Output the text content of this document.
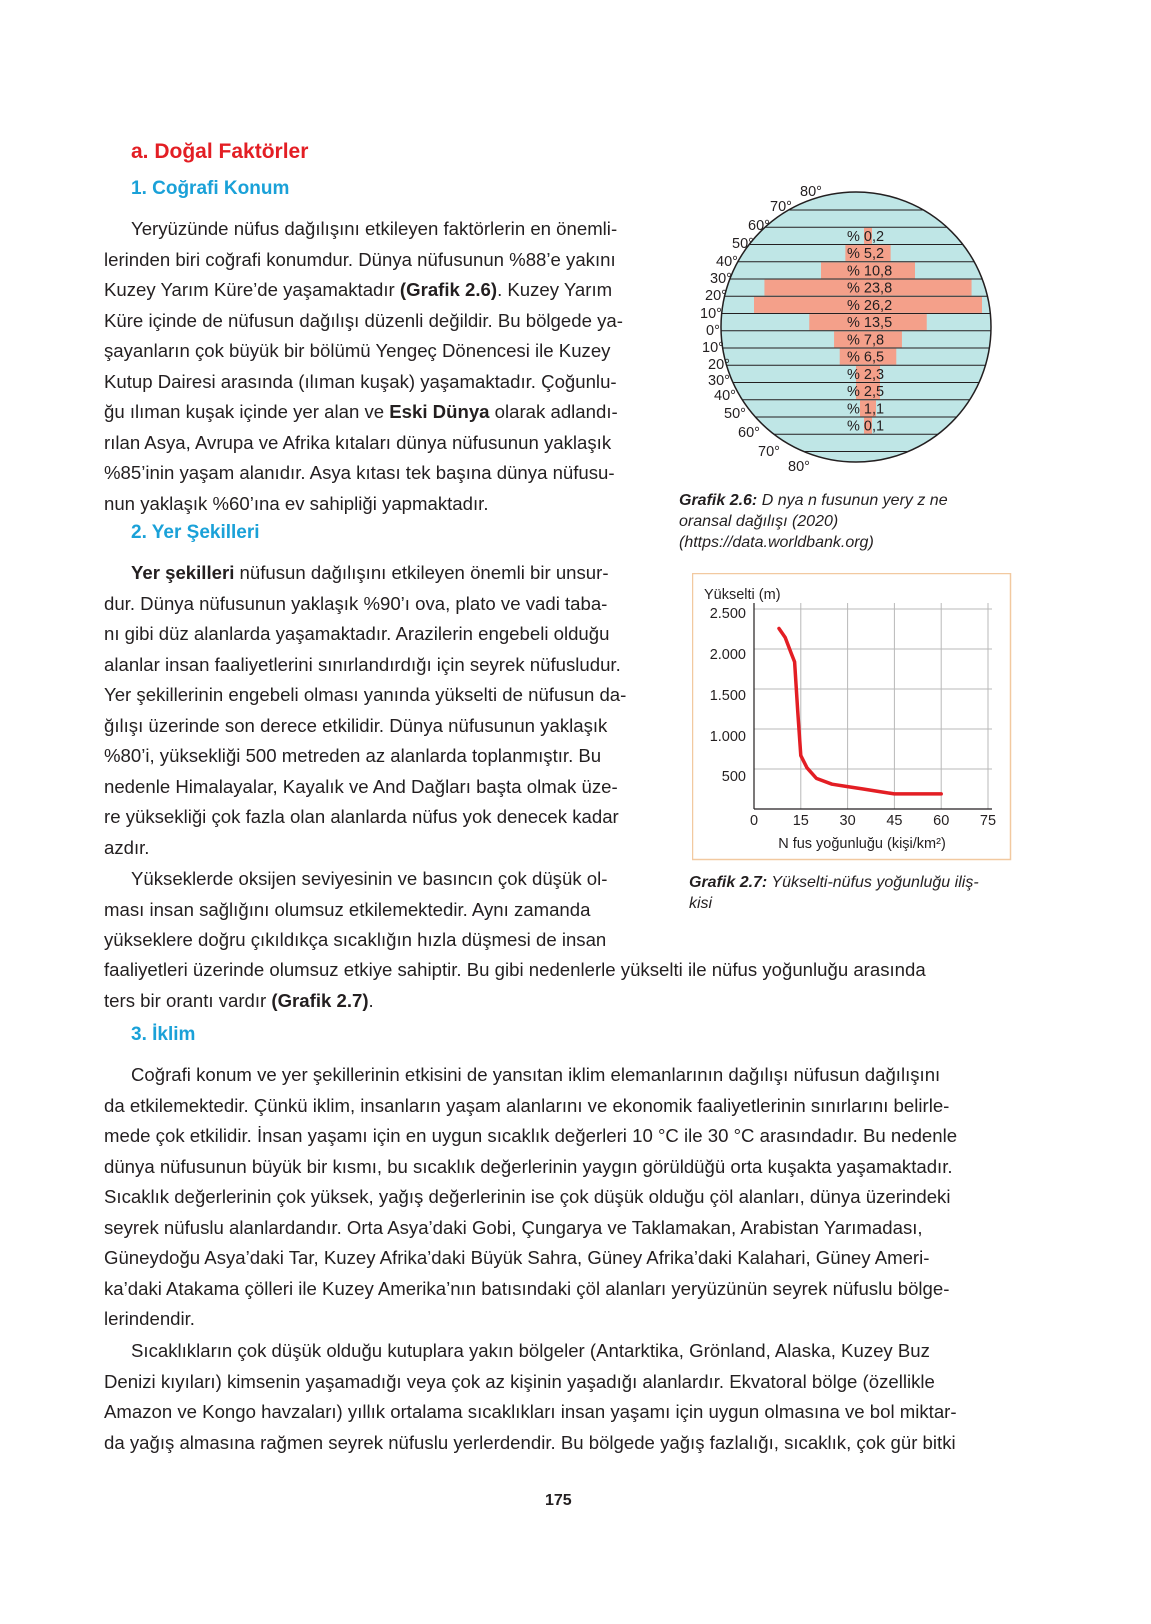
a. Doğal Faktörler
1. Coğrafi Konum
Yeryüzünde nüfus dağılışını etkileyen faktörlerin en önemli-
lerinden biri coğrafi konumdur. Dünya nüfusunun %88’e yakını
Kuzey Yarım Küre’de yaşamaktadır (Grafik 2.6). Kuzey Yarım
Küre içinde de nüfusun dağılışı düzenli değildir. Bu bölgede ya-
şayanların çok büyük bir bölümü Yengeç Dönencesi ile Kuzey
Kutup Dairesi arasında (ılıman kuşak) yaşamaktadır. Çoğunlu-
ğu ılıman kuşak içinde yer alan ve Eski Dünya olarak adlandı-
rılan Asya, Avrupa ve Afrika kıtaları dünya nüfusunun yaklaşık
%85’inin yaşam alanıdır. Asya kıtası tek başına dünya nüfusu-
nun yaklaşık %60’ına ev sahipliği yapmaktadır.
2. Yer Şekilleri
Yer şekilleri nüfusun dağılışını etkileyen önemli bir unsur-
dur. Dünya nüfusunun yaklaşık %90’ı ova, plato ve vadi taba-
nı gibi düz alanlarda yaşamaktadır. Arazilerin engebeli olduğu
alanlar insan faaliyetlerini sınırlandırdığı için seyrek nüfusludur.
Yer şekillerinin engebeli olması yanında yükselti de nüfusun da-
ğılışı üzerinde son derece etkilidir. Dünya nüfusunun yaklaşık
%80’i, yüksekliği 500 metreden az alanlarda toplanmıştır. Bu
nedenle Himalayalar, Kayalık ve And Dağları başta olmak üze-
re yüksekliği çok fazla olan alanlarda nüfus yok denecek kadar
azdır.
Yükseklerde oksijen seviyesinin ve basıncın çok düşük ol-
ması insan sağlığını olumsuz etkilemektedir. Aynı zamanda
yükseklere doğru çıkıldıkça sıcaklığın hızla düşmesi de insan
faaliyetleri üzerinde olumsuz etkiye sahiptir. Bu gibi nedenlerle yükselti ile nüfus yoğunluğu arasında
ters bir orantı vardır (Grafik 2.7).
3. İklim
Coğrafi konum ve yer şekillerinin etkisini de yansıtan iklim elemanlarının dağılışı nüfusun dağılışını
da etkilemektedir. Çünkü iklim, insanların yaşam alanlarını ve ekonomik faaliyetlerinin sınırlarını belirle-
mede çok etkilidir. İnsan yaşamı için en uygun sıcaklık değerleri 10 °C ile 30 °C arasındadır. Bu nedenle
dünya nüfusunun büyük bir kısmı, bu sıcaklık değerlerinin yaygın görüldüğü orta kuşakta yaşamaktadır.
Sıcaklık değerlerinin çok yüksek, yağış değerlerinin ise çok düşük olduğu çöl alanları, dünya üzerindeki
seyrek nüfuslu alanlardandır. Orta Asya’daki Gobi, Çungarya ve Taklamakan, Arabistan Yarımadası,
Güneydoğu Asya’daki Tar, Kuzey Afrika’daki Büyük Sahra, Güney Afrika’daki Kalahari, Güney Ameri-
ka’daki Atakama çölleri ile Kuzey Amerika’nın batısındaki çöl alanları yeryüzünün seyrek nüfuslu bölge-
lerindendir.
Sıcaklıkların çok düşük olduğu kutuplara yakın bölgeler (Antarktika, Grönland, Alaska, Kuzey Buz
Denizi kıyıları) kimsenin yaşamadığı veya çok az kişinin yaşadığı alanlardır. Ekvatoral bölge (özellikle
Amazon ve Kongo havzaları) yıllık ortalama sıcaklıkları insan yaşamı için uygun olmasına ve bol miktar-
da yağış almasına rağmen seyrek nüfuslu yerlerdendir. Bu bölgede yağış fazlalığı, sıcaklık, çok gür bitki
% 0,2
% 5,2
% 10,8
% 23,8
% 26,2
% 13,5
% 7,8
% 6,5
% 2,3
% 2,5
% 1,1
% 0,1
80°
70°
60°
50°
40°
30°
20°
10°
0°
10°
20°
30°
40°
50°
60°
70°
80°
Grafik 2.6: D nya n fusunun yery z ne
oransal dağılışı (2020)
(https://data.worldbank.org)
Yükselti (m)
500
1.000
1.500
2.000
2.500
0 15 30 45 60 75
N fus yoğunluğu (kişi/km²)
Grafik 2.7: Yükselti-nüfus yoğunluğu iliş-
kisi
175
